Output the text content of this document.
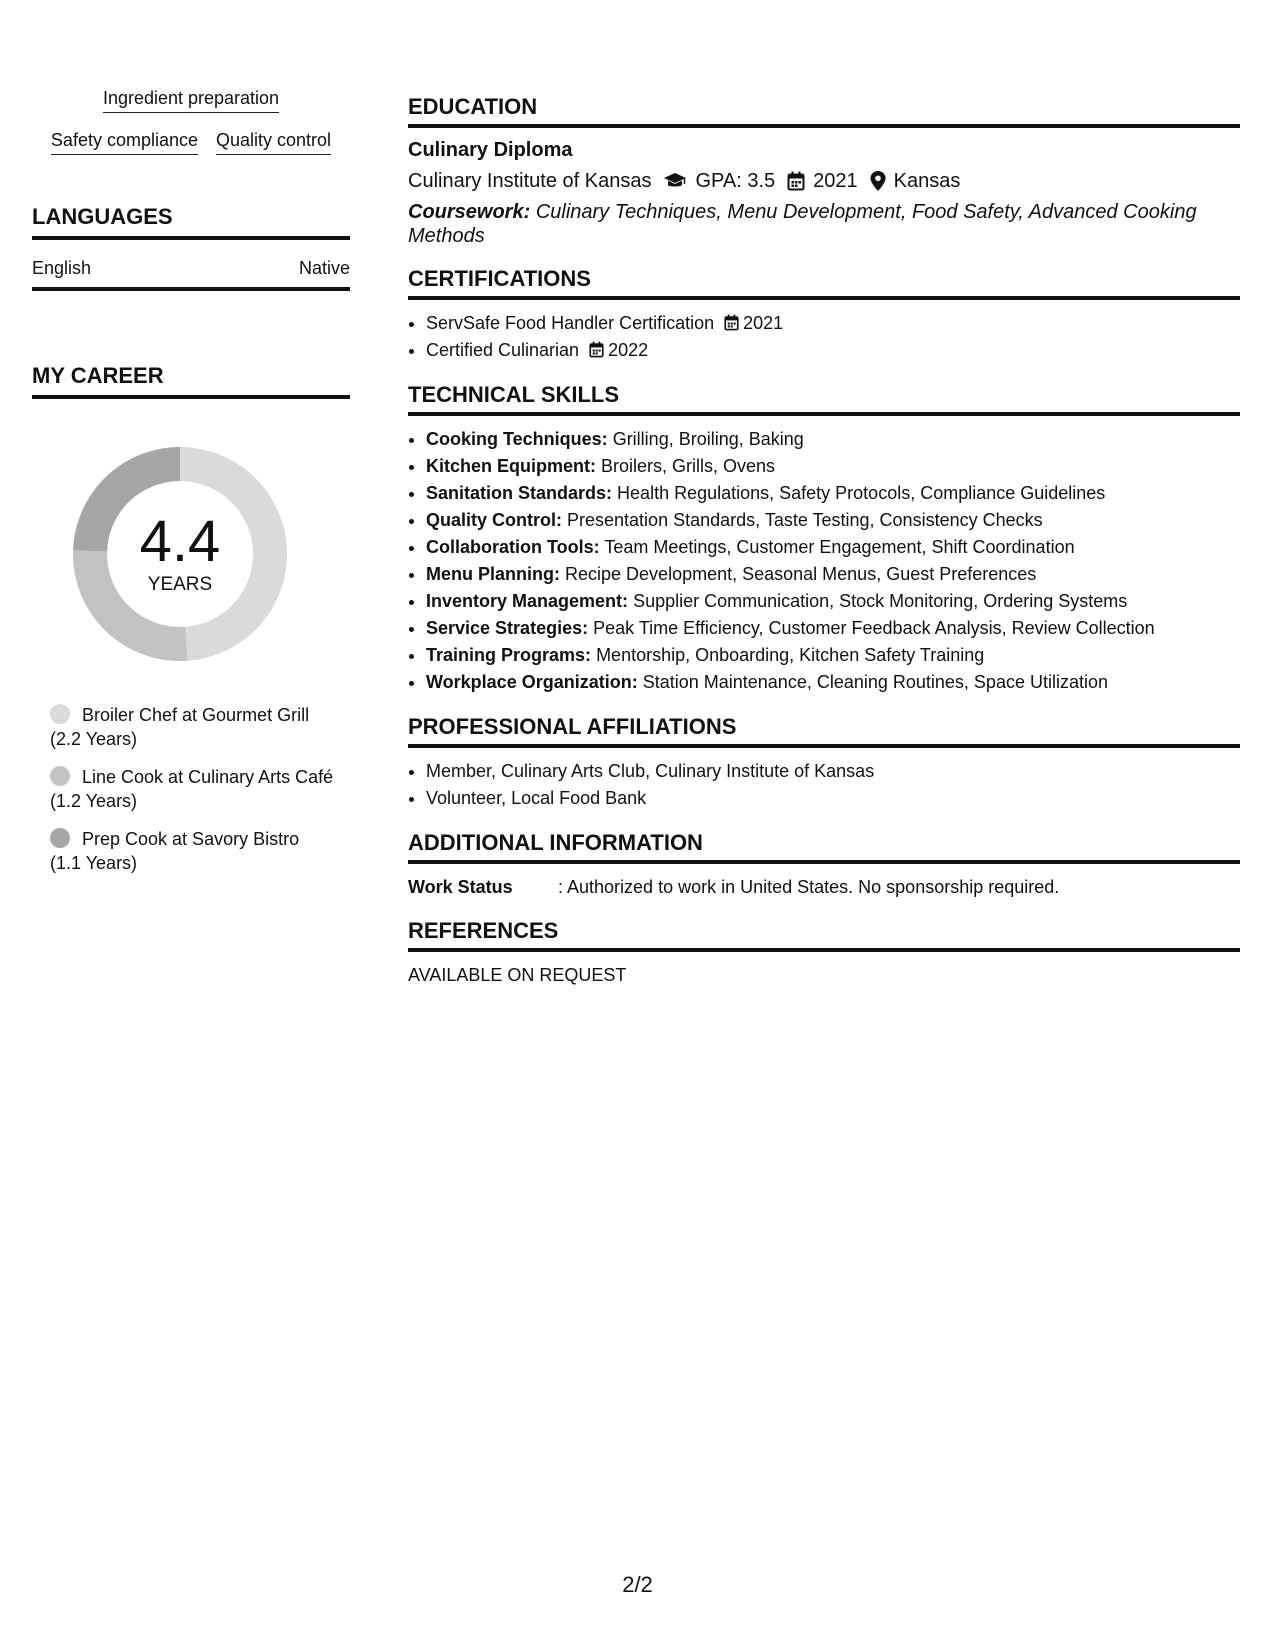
Ingredient preparation
Safety compliance Quality control
LANGUAGES
English	Native
MY CAREER
4.4
YEARS
Broiler Chef at Gourmet Grill (2.2 Years)
Line Cook at Culinary Arts Café (1.2 Years)
Prep Cook at Savory Bistro (1.1 Years)
EDUCATION
Culinary Diploma
Culinary Institute of Kansas GPA: 3.5 2021 Kansas
Coursework: Culinary Techniques, Menu Development, Food Safety, Advanced Cooking Methods
CERTIFICATIONS
• ServSafe Food Handler Certification 2021
• Certified Culinarian 2022
TECHNICAL SKILLS
• Cooking Techniques: Grilling, Broiling, Baking
• Kitchen Equipment: Broilers, Grills, Ovens
• Sanitation Standards: Health Regulations, Safety Protocols, Compliance Guidelines
• Quality Control: Presentation Standards, Taste Testing, Consistency Checks
• Collaboration Tools: Team Meetings, Customer Engagement, Shift Coordination
• Menu Planning: Recipe Development, Seasonal Menus, Guest Preferences
• Inventory Management: Supplier Communication, Stock Monitoring, Ordering Systems
• Service Strategies: Peak Time Efficiency, Customer Feedback Analysis, Review Collection
• Training Programs: Mentorship, Onboarding, Kitchen Safety Training
• Workplace Organization: Station Maintenance, Cleaning Routines, Space Utilization
PROFESSIONAL AFFILIATIONS
• Member, Culinary Arts Club, Culinary Institute of Kansas
• Volunteer, Local Food Bank
ADDITIONAL INFORMATION
Work Status	: Authorized to work in United States. No sponsorship required.
REFERENCES
AVAILABLE ON REQUEST
2/2
